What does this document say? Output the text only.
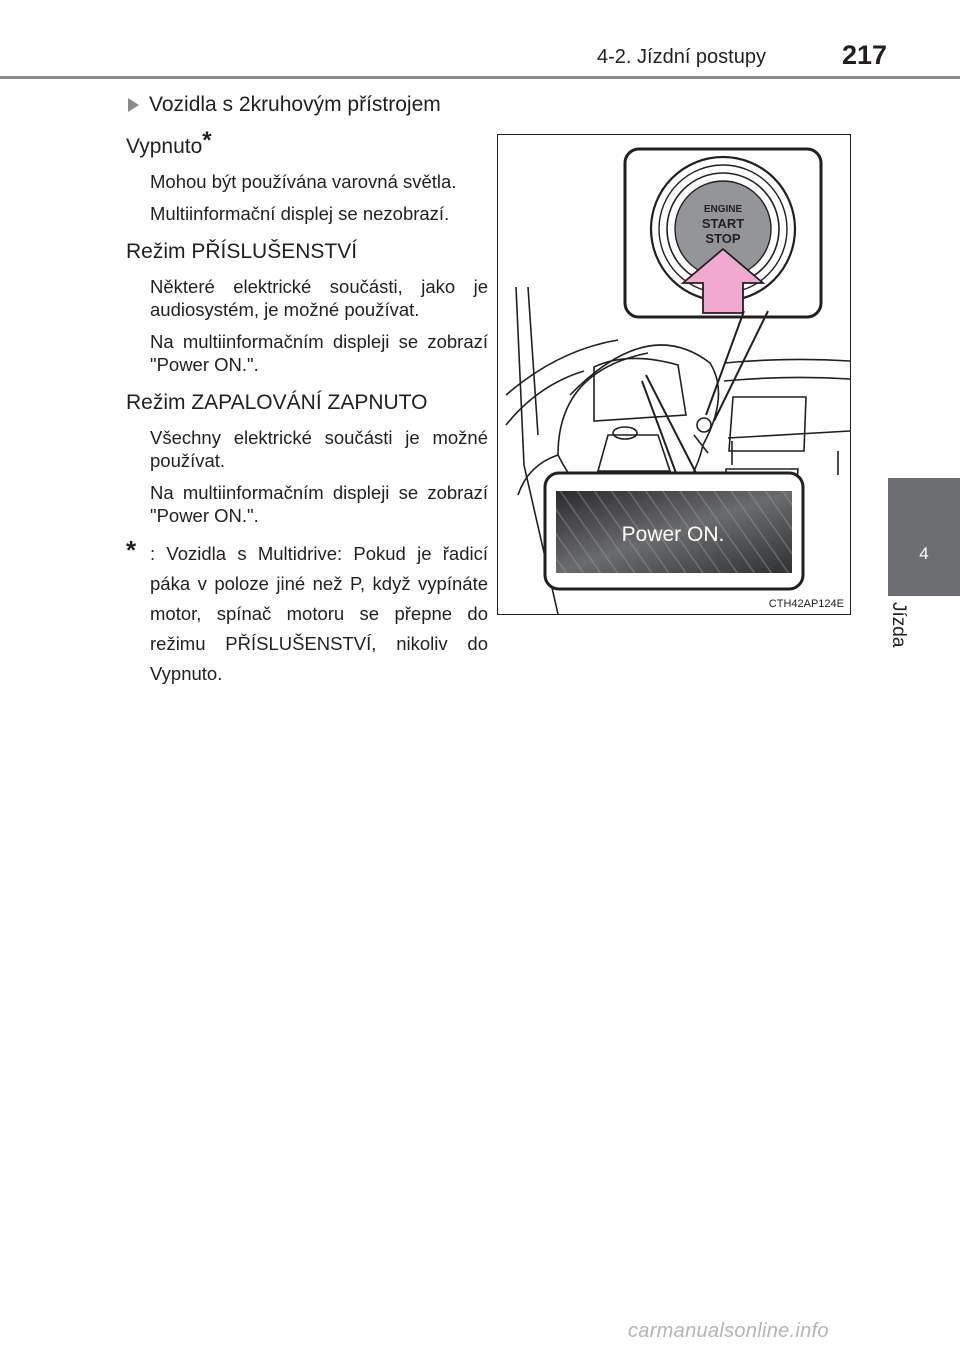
4-2. Jízdní postupy	217
4
Jízda
Vozidla s 2kruhovým přístrojem
Vypnuto*
Mohou být používána varovná světla.
Multiinformační displej se nezobrazí.
Režim PŘÍSLUŠENSTVÍ
Některé elektrické součásti, jako je audiosystém, je možné používat.
Na multiinformačním displeji se zobrazí "Power ON.".
Režim ZAPALOVÁNÍ ZAPNUTO
Všechny elektrické součásti je možné používat.
Na multiinformačním displeji se zobrazí "Power ON.".
* : Vozidla s Multidrive: Pokud je řadicí páka v poloze jiné než P, když vypínáte motor, spínač motoru se přepne do režimu PŘÍSLUŠENSTVÍ, nikoliv do Vypnuto.
ENGINE
START
STOP
Power ON.
CTH42AP124E
carmanualsonline.info
